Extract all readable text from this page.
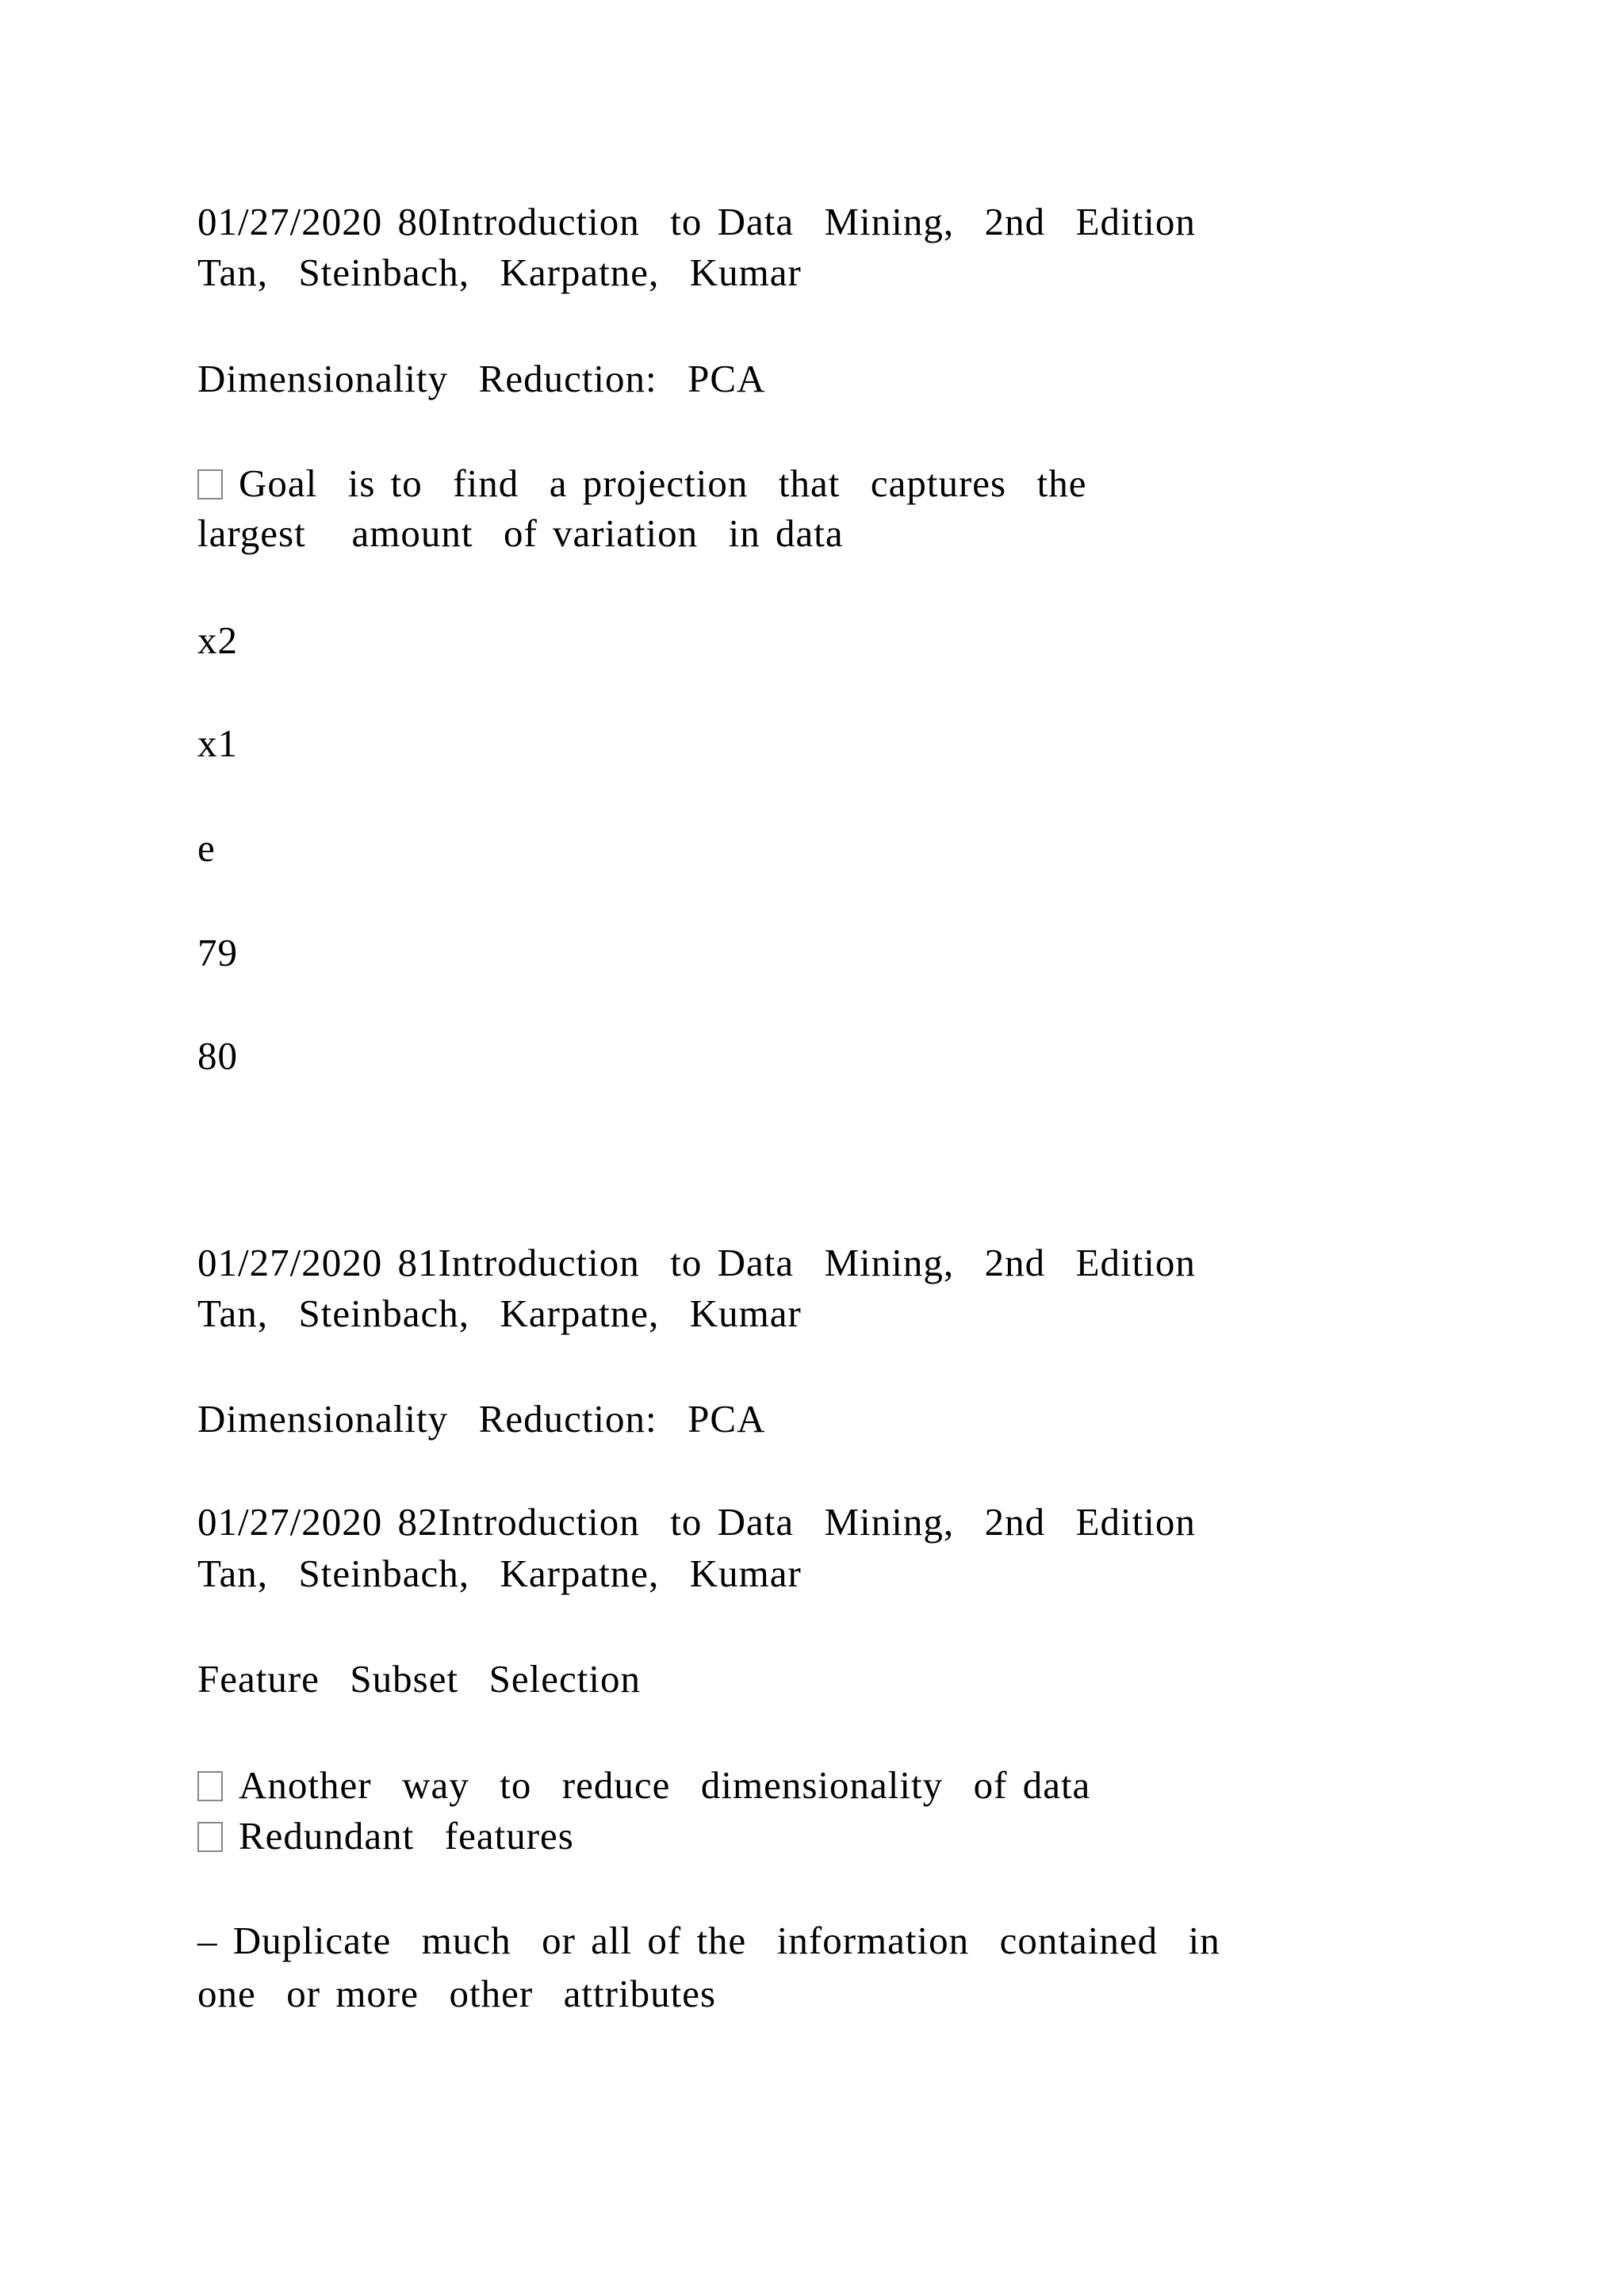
01/27/2020 80Introduction  to Data  Mining,  2nd  Edition
Tan,  Steinbach,  Karpatne,  Kumar
Dimensionality  Reduction:  PCA
Goal  is to  find  a projection  that  captures  the
largest   amount  of variation  in data
x2
x1
e
79
80
01/27/2020 81Introduction  to Data  Mining,  2nd  Edition
Tan,  Steinbach,  Karpatne,  Kumar
Dimensionality  Reduction:  PCA
01/27/2020 82Introduction  to Data  Mining,  2nd  Edition
Tan,  Steinbach,  Karpatne,  Kumar
Feature  Subset  Selection
Another  way  to  reduce  dimensionality  of data
Redundant  features
– Duplicate  much  or all of the  information  contained  in
one  or more  other  attributes
